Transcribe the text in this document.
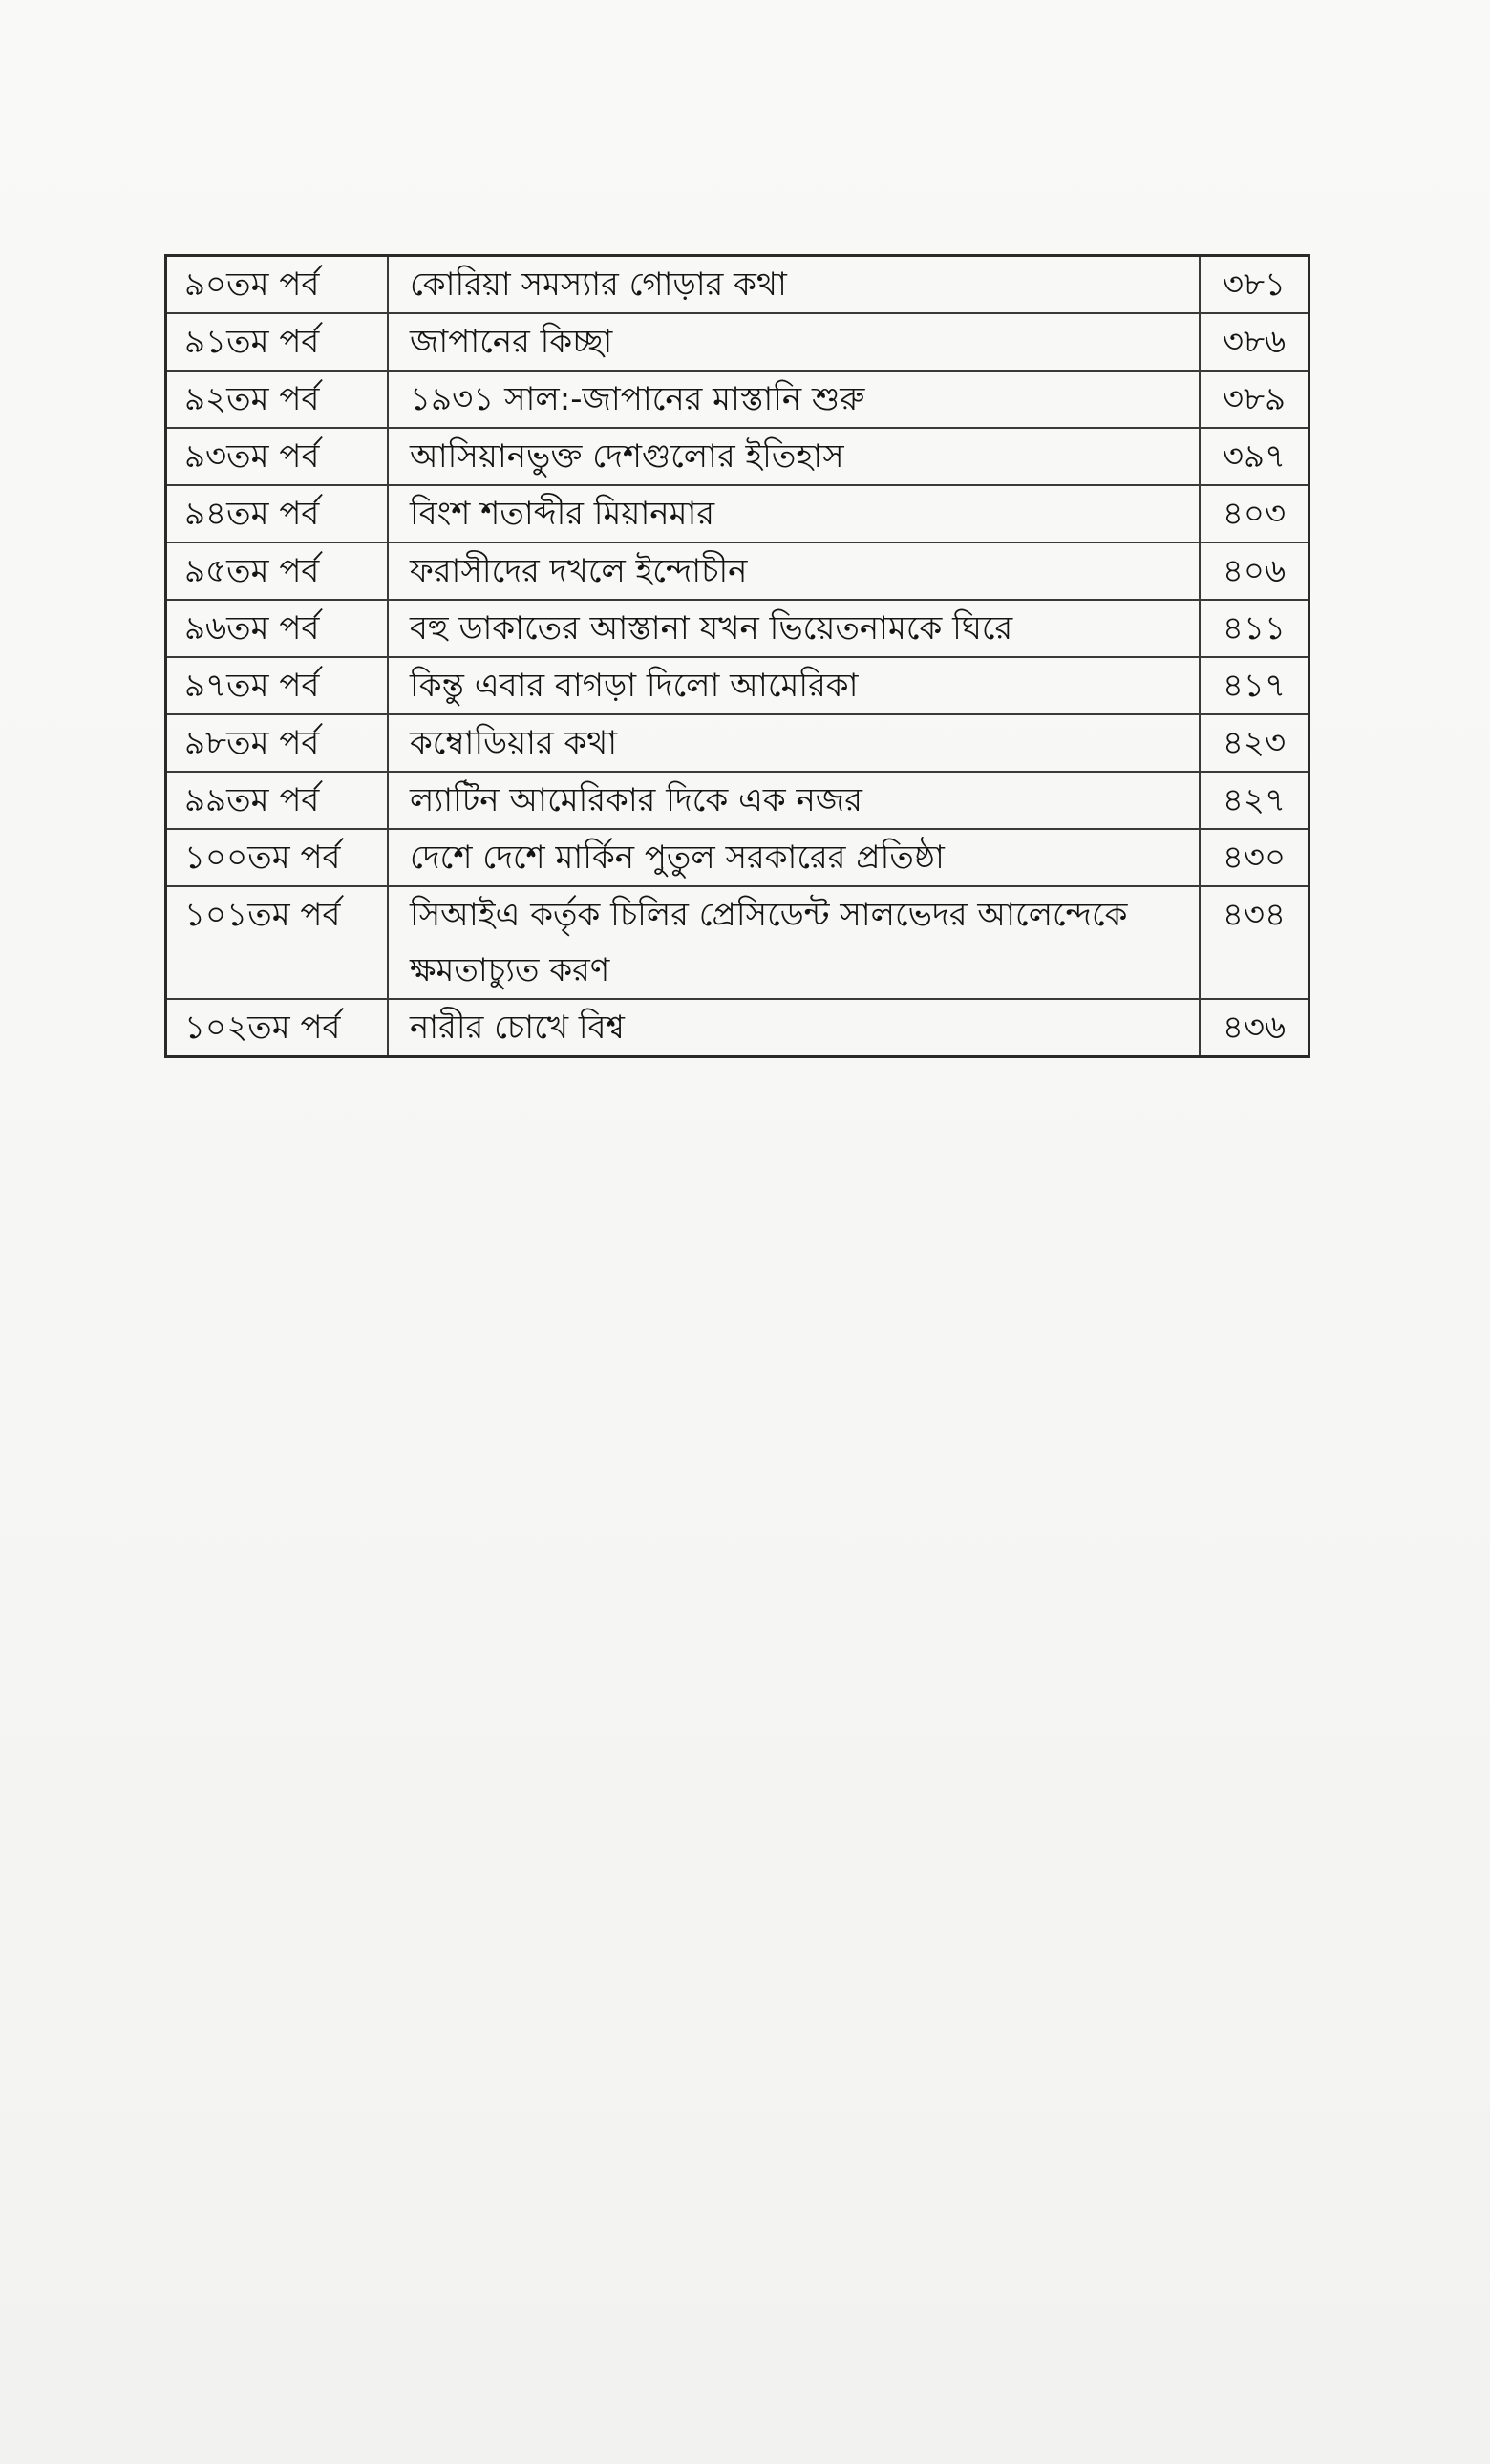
৯০তম পর্ব	কোরিয়া সমস্যার গোড়ার কথা	৩৮১
৯১তম পর্ব	জাপানের কিচ্ছা	৩৮৬
৯২তম পর্ব	১৯৩১ সাল:-জাপানের মাস্তানি শুরু	৩৮৯
৯৩তম পর্ব	আসিয়ানভুক্ত দেশগুলোর ইতিহাস	৩৯৭
৯৪তম পর্ব	বিংশ শতাব্দীর মিয়ানমার	৪০৩
৯৫তম পর্ব	ফরাসীদের দখলে ইন্দোচীন	৪০৬
৯৬তম পর্ব	বহু ডাকাতের আস্তানা যখন ভিয়েতনামকে ঘিরে	৪১১
৯৭তম পর্ব	কিন্তু এবার বাগড়া দিলো আমেরিকা	৪১৭
৯৮তম পর্ব	কম্বোডিয়ার কথা	৪২৩
৯৯তম পর্ব	ল্যাটিন আমেরিকার দিকে এক নজর	৪২৭
১০০তম পর্ব	দেশে দেশে মার্কিন পুতুল সরকারের প্রতিষ্ঠা	৪৩০
১০১তম পর্ব	সিআইএ কর্তৃক চিলির প্রেসিডেন্ট সালভেদর আলেন্দেকে ক্ষমতাচ্যুত করণ	৪৩৪
১০২তম পর্ব	নারীর চোখে বিশ্ব	৪৩৬
